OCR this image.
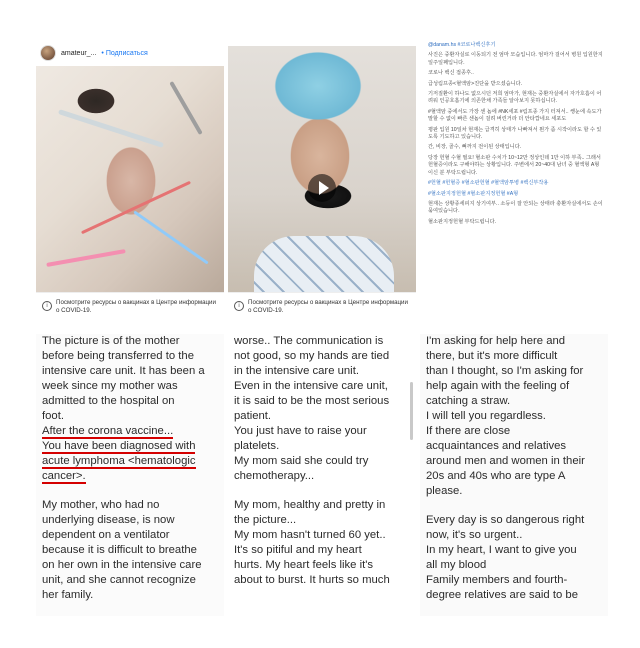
amateur_... • Подписаться
i	Посмотрите ресурсы о вакцинах в Центре информации о COVID-19.
i	Посмотрите ресурсы о вакцинах в Центре информации о COVID-19.

@danam.hs #코로나백신후기

사진은 중환자실로 이동되기 전 엄마 모습입니다. 엄마가 걸어서 병원 입원한지 일주일째입니다.

코로나 백신 접종후..

급성림프종<혈액암>진단을 받으셨습니다.

기저질환이 하나도 없으시던 저희 엄마가, 현재는 중환자실에서 자가호흡이 어려워 인공호흡기에 의존한채 가족들 알아보지 못하십니다.

#혈액암 중에서도 가장 센 놈에 #NK세포 #림프종 가지 터져서.. 쌩눈에 속도가 말할 수 없이 빠른 센놈이 걸려 버린거라 더 안타깝네요 세포도

평판 입원 10일차 현재는 급격히 상태가 나빠져서 뭔가 좀 시작이라도 할 수 있도록 기도하고 있습니다.

간, 비장, 골수, 뼈까지 전이된 상태입니다.

당장 헌혈 수혈 필요! 혈소판 수치가 10~12만 정상인데 1만 이하 부족.. 그래서 헌혈증이라도 구해야하는 상황입니다. 주변에서 20~40대 남녀 중 혈액형 A형이신 분 부탁드립니다.

#헌혈 #헌혈증 #혈소판헌혈 #혈액암투병 #백신부작용

#혈소판지정헌혈 #혈소판지정헌혈 #A형

현재는 상황종세피지 상기여부.. 소등이 잘 안되는 상태라 충환자실에서도 손이 묶여있습니다.

혈소판지정헌혈 부탁드립니다.

The picture is of the mother

before being transferred to the

intensive care unit. It has been a

week since my mother was

admitted to the hospital on

foot.

After the corona vaccine...

You have been diagnosed with

acute lymphoma <hematologic

cancer>.

My mother, who had no

underlying disease, is now

dependent on a ventilator

because it is difficult to breathe

on her own in the intensive care

unit, and she cannot recognize

her family.

worse.. The communication is

not good, so my hands are tied

in the intensive care unit.

Even in the intensive care unit,

it is said to be the most serious

patient.

You just have to raise your

platelets.

My mom said she could try

chemotherapy...

My mom, healthy and pretty in

the picture...

My mom hasn't turned 60 yet..

It's so pitiful and my heart

hurts. My heart feels like it's

about to burst. It hurts so much

I'm asking for help here and

there, but it's more difficult

than I thought, so I'm asking for

help again with the feeling of

catching a straw.

I will tell you regardless.

If there are close

acquaintances and relatives

around men and women in their

20s and 40s who are type A

please.

Every day is so dangerous right

now, it's so urgent..

In my heart, I want to give you

all my blood

Family members and fourth-

degree relatives are said to be
